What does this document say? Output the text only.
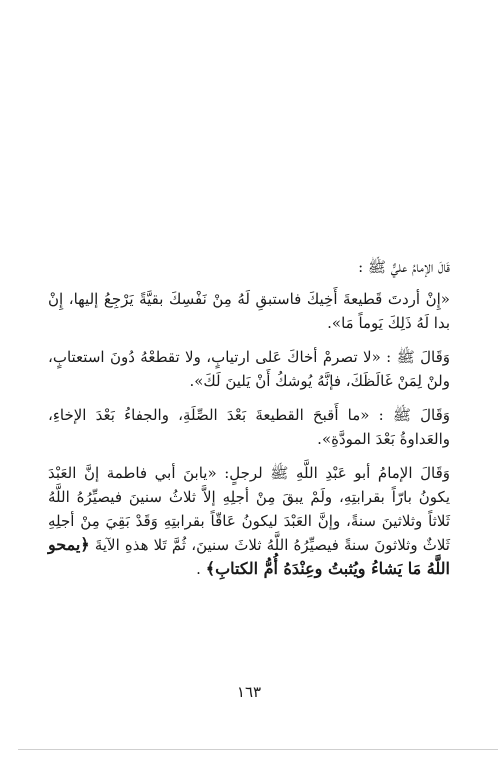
قَالَ الإمامُ عليٌّ ﷺ :

«إِنْ أردتَ قَطيعةَ أَخِيكَ فاستبقِ لَهُ مِنْ نَفْسِكَ بقيَّةً يَرْجِعُ إليها، إِنْ بدا لَهُ ذَلِكَ يَوماً مَا».

وَقَالَ ﷺ : «لا تصرمْ أخاكَ عَلى ارتيابٍ، ولا تقطعْهُ دُونَ استعتابٍ، ولنْ لِمَنْ غَالَظَكَ، فإنَّهُ يُوشكُ أَنْ يَلينَ لَكَ».

وَقَالَ ﷺ : «ما أَقبحَ القطيعةَ بَعْدَ الصِّلَةِ، والجفاءُ بَعْدَ الإخاءِ، والعَداوةُ بَعْدَ المودَّةِ».

وَقَالَ الإمامُ أبو عَبْدِ اللَّهِ ﷺ لرجلٍ: «يابنَ أبي فاطمة إنَّ العَبْدَ يكونُ بارّاً بقرابتِهِ، ولَمْ يبقَ مِنْ أجلِهِ إلاَّ ثلاثُ سنينَ فيصيِّرُهُ اللَّهُ ثَلاثاً وثلاثينَ سنةً، وإنَّ العَبْدَ ليكونُ عَاقّاً بقرابتِهِ وَقَدْ بَقِيَ مِنْ أجلِهِ ثَلاثٌ وثلاثونَ سنةً فيصيِّرُهُ اللَّهُ ثلاثَ سنينَ، ثُمَّ تَلا هذهِ الآيةَ ﴿يمحو اللَّهُ مَا يَشاءُ ويُثبتُ وعِنْدَهُ أُمُّ الكتابِ﴾ .

١٦٣
